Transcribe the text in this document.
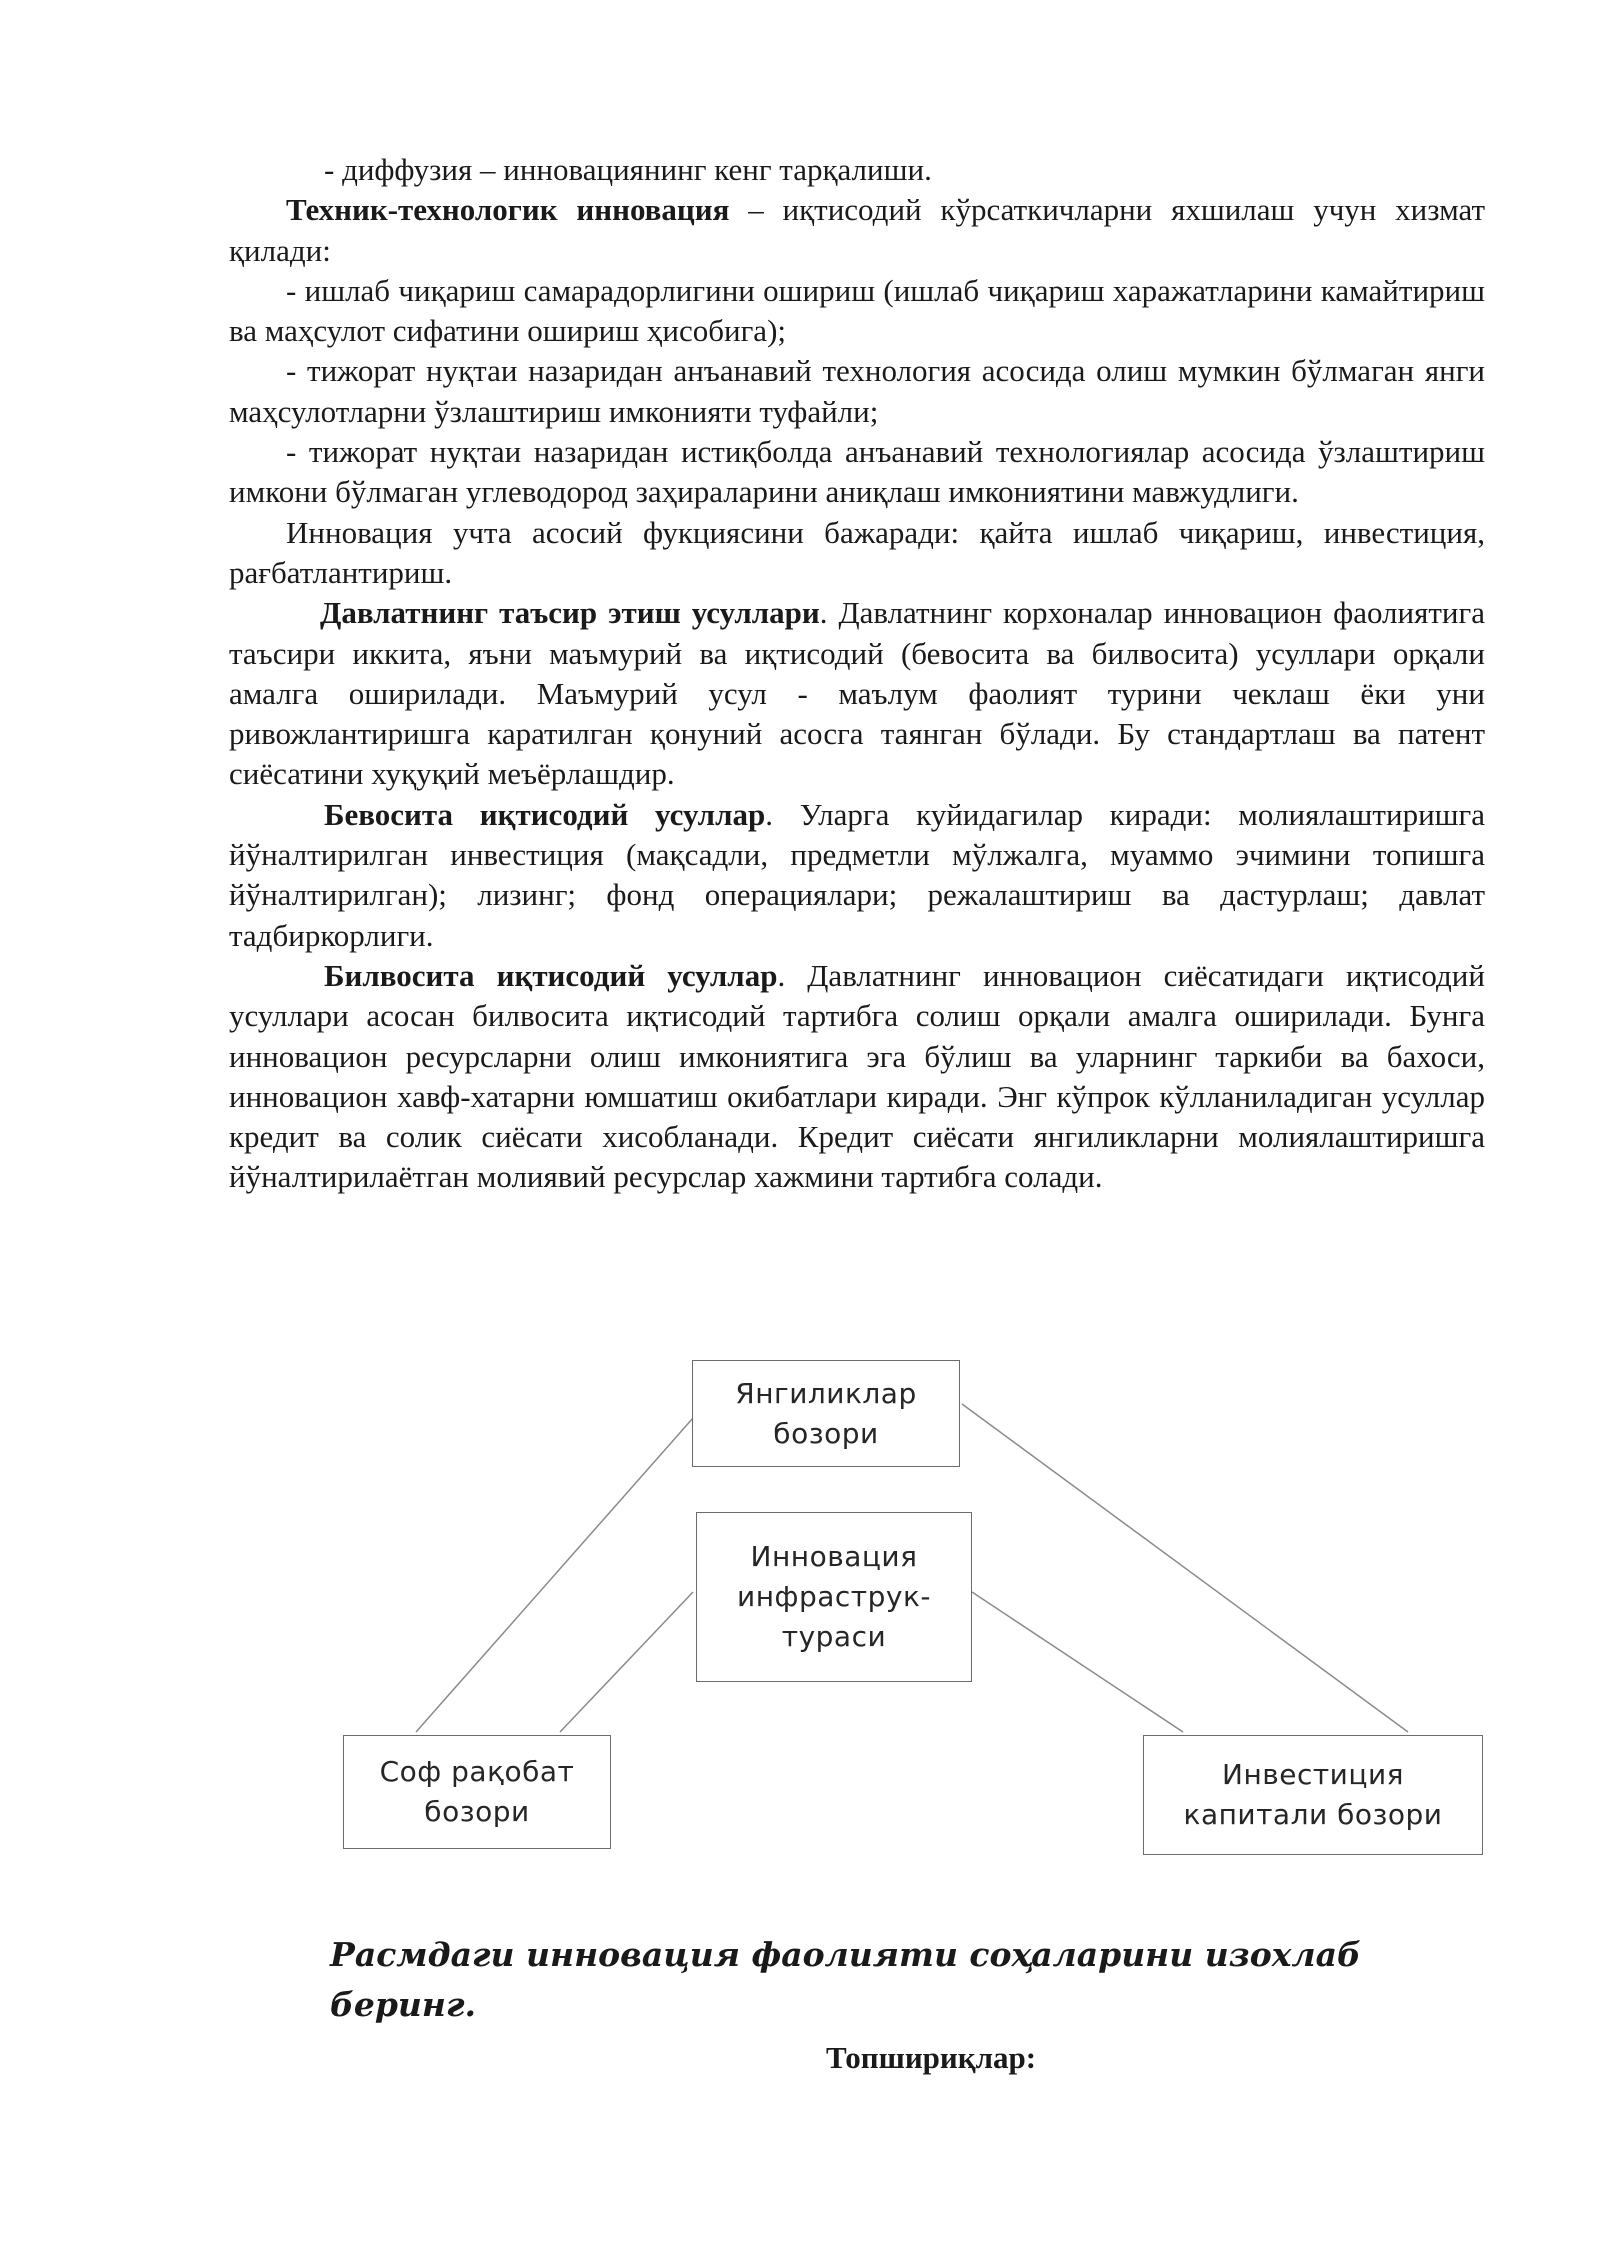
- диффузия – инновациянинг кенг тарқалиши.

Техник-технологик инновация – иқтисодий кўрсаткичларни яхшилаш учун хизмат қилади:

- ишлаб чиқариш самарадорлигини ошириш (ишлаб чиқариш харажатларини камайтириш ва маҳсулот сифатини ошириш ҳисобига);

- тижорат нуқтаи назаридан анъанавий технология асосида олиш мумкин бўлмаган янги маҳсулотларни ўзлаштириш имконияти туфайли;

- тижорат нуқтаи назаридан истиқболда анъанавий технологиялар асосида ўзлаштириш имкони бўлмаган углеводород заҳираларини аниқлаш имкониятини мавжудлиги.

Инновация учта асосий фукциясини бажаради: қайта ишлаб чиқариш, инвестиция, рағбатлантириш.

Давлатнинг таъсир этиш усуллари. Давлатнинг корхоналар инновацион фаолиятига таъсири иккита, яъни маъмурий ва иқтисодий (бевосита ва билвосита) усуллари орқали амалга оширилади. Маъмурий усул - маълум фаолият турини чеклаш ёки уни ривожлантиришга каратилган қонуний асосга таянган бўлади. Бу стандартлаш ва патент сиёсатини хуқуқий меъёрлашдир.

Бевосита иқтисодий усуллар. Уларга куйидагилар киради: молиялаштиришга йўналтирилган инвестиция (мақсадли, предметли мўлжалга, муаммо эчимини топишга йўналтирилган); лизинг; фонд операциялари; режалаштириш ва дастурлаш; давлат тадбиркорлиги.

Билвосита иқтисодий усуллар. Давлатнинг инновацион сиёсатидаги иқтисодий усуллари асосан билвосита иқтисодий тартибга солиш орқали амалга оширилади. Бунга инновацион ресурсларни олиш имкониятига эга бўлиш ва уларнинг таркиби ва бахоси, инновацион хавф-хатарни юмшатиш окибатлари киради. Энг кўпрок кўлланиладиган усуллар кредит ва солик сиёсати хисобланади. Кредит сиёсати янгиликларни молиялаштиришга йўналтирилаётган молиявий ресурслар хажмини тартибга солади.

Янгиликлар
бозори
Инновация
инфраструк-
тураси
Соф рақобат
бозори
Инвестиция
капитали бозори
Расмдаги инновация фаолияти соҳаларини изохлаб беринг.
Топшириқлар:
